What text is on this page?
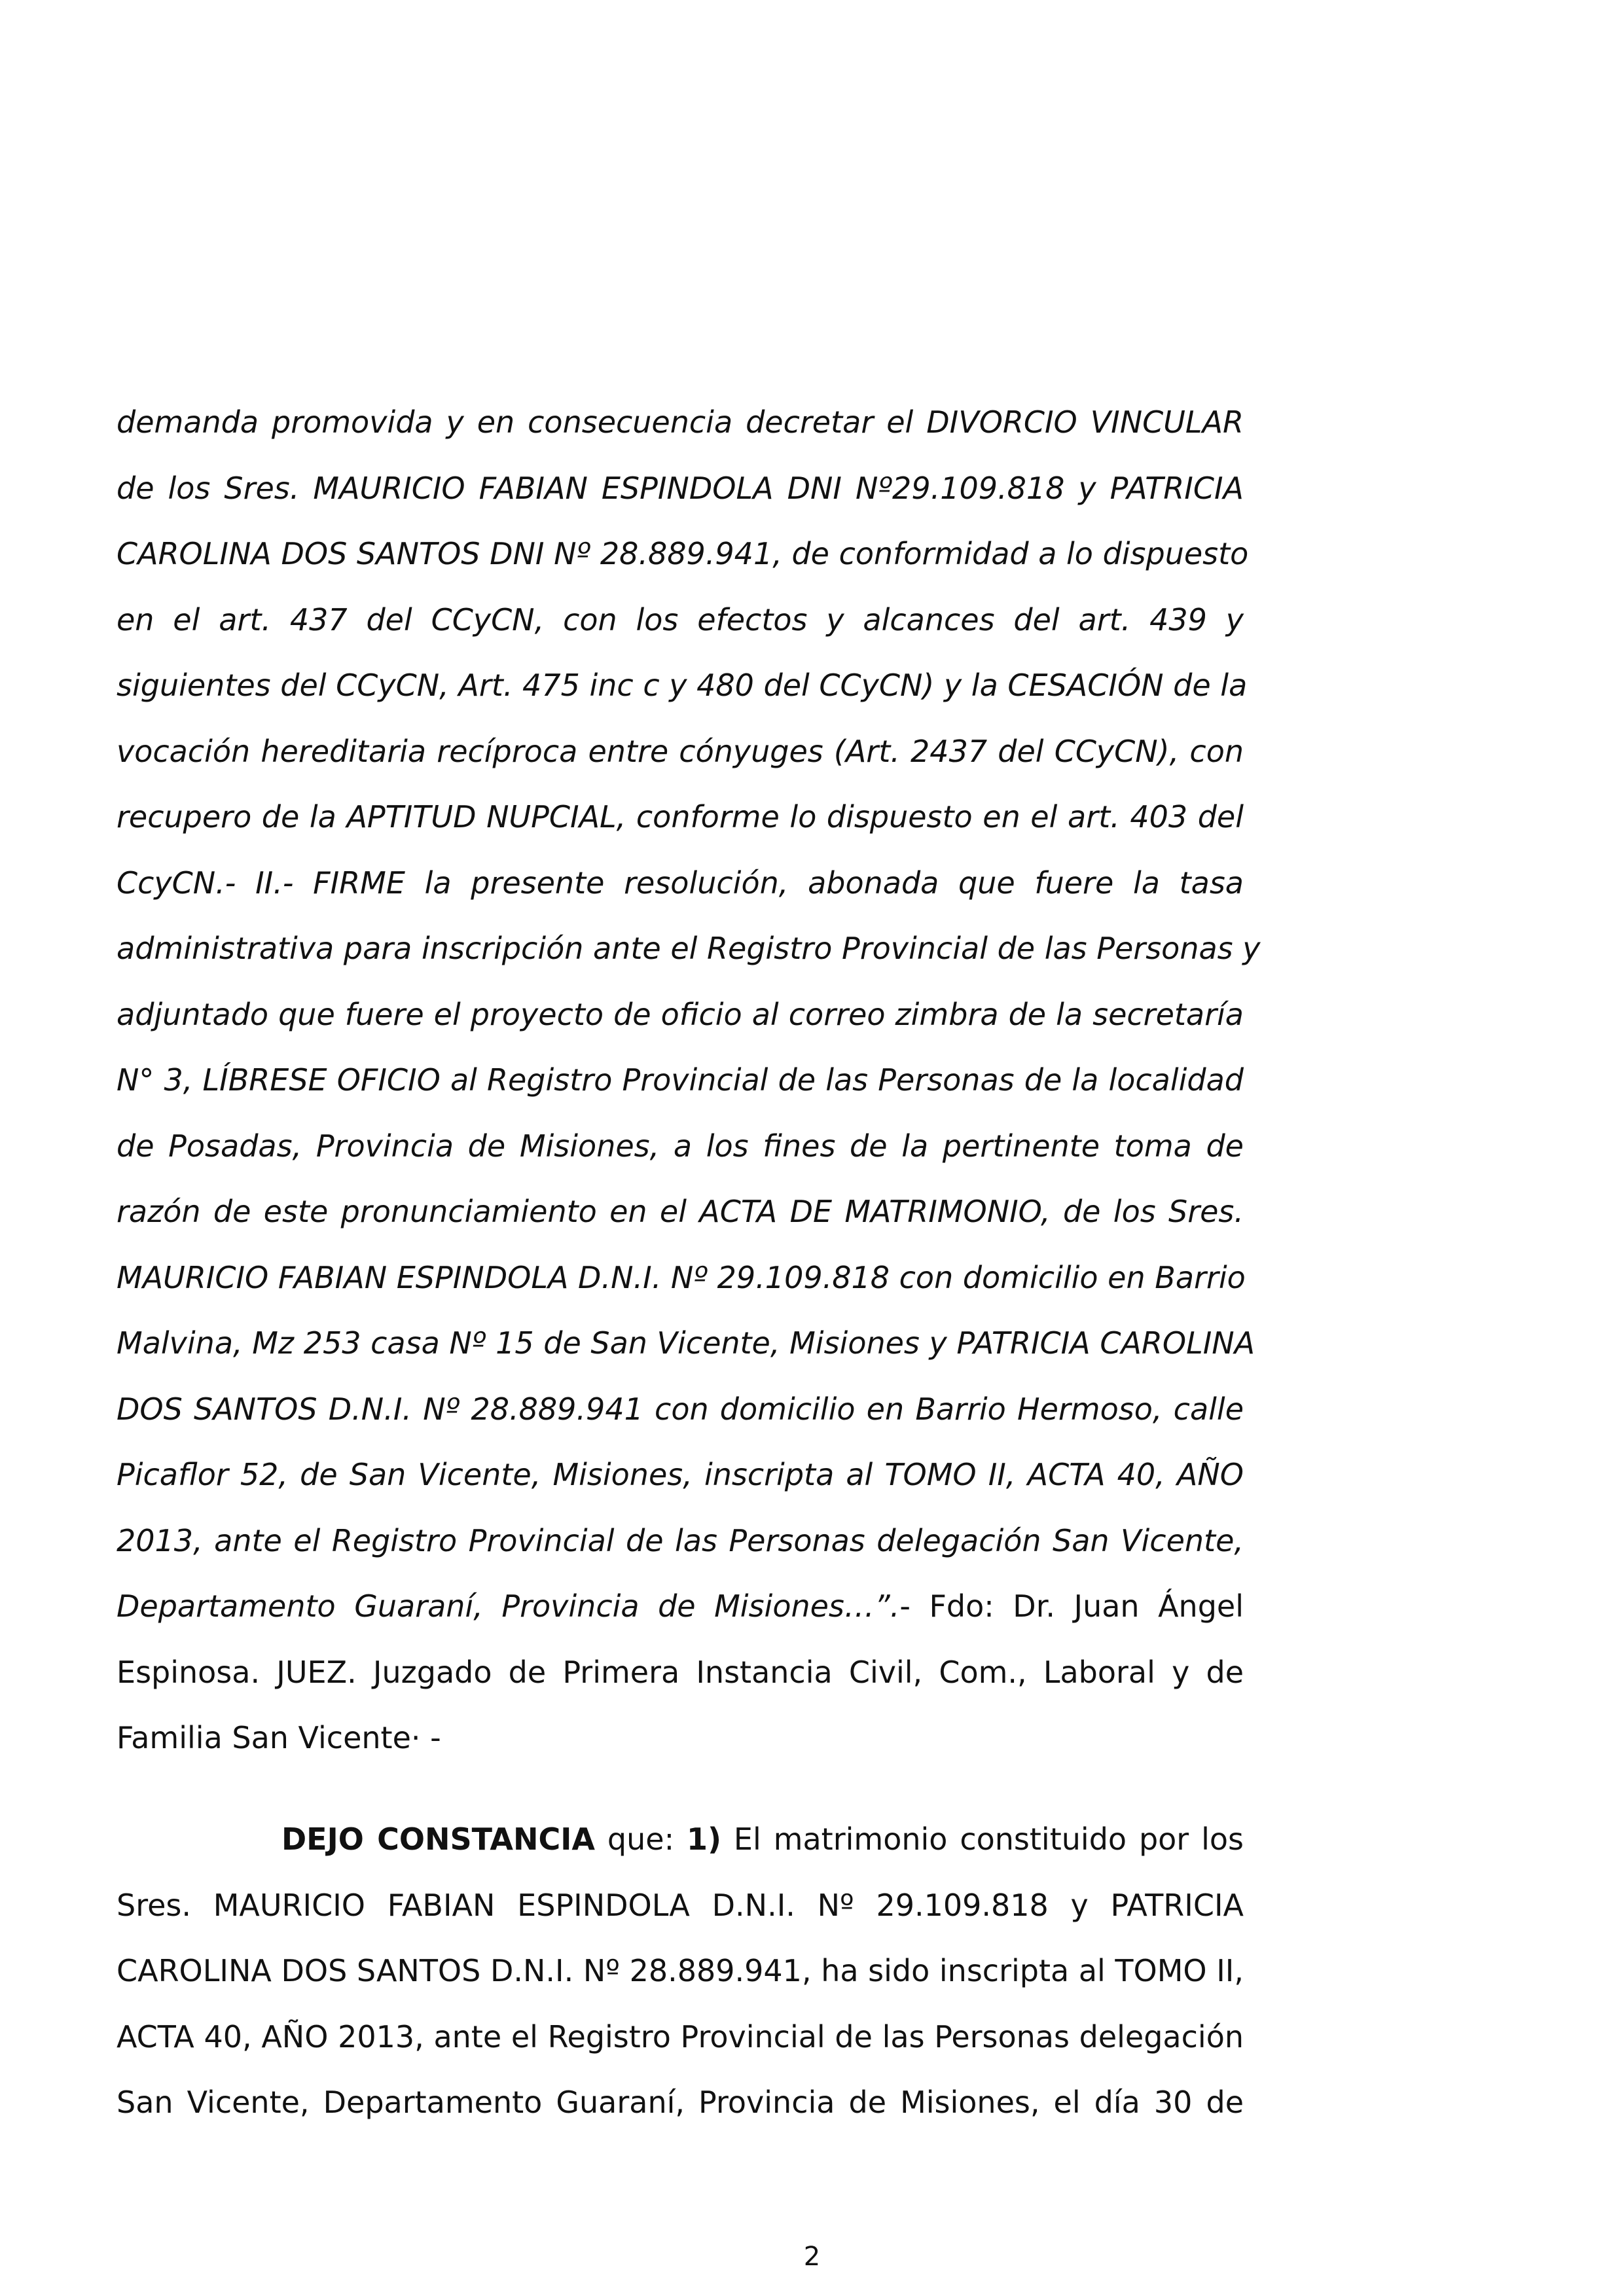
demanda promovida y en consecuencia decretar el DIVORCIO VINCULAR
de los Sres. MAURICIO FABIAN ESPINDOLA DNI Nº29.109.818 y PATRICIA
CAROLINA DOS SANTOS DNI Nº 28.889.941, de conformidad a lo dispuesto
en el art. 437 del CCyCN, con los efectos y alcances del art. 439 y
siguientes del CCyCN, Art. 475 inc c y 480 del CCyCN) y la CESACIÓN de la
vocación hereditaria recíproca entre cónyuges (Art. 2437 del CCyCN), con
recupero de la APTITUD NUPCIAL, conforme lo dispuesto en el art. 403 del
CcyCN.- II.- FIRME la presente resolución, abonada que fuere la tasa
administrativa para inscripción ante el Registro Provincial de las Personas y
adjuntado que fuere el proyecto de oficio al correo zimbra de la secretaría
N° 3, LÍBRESE OFICIO al Registro Provincial de las Personas de la localidad
de Posadas, Provincia de Misiones, a los fines de la pertinente toma de
razón de este pronunciamiento en el ACTA DE MATRIMONIO, de los Sres.
MAURICIO FABIAN ESPINDOLA D.N.I. Nº 29.109.818 con domicilio en Barrio
Malvina, Mz 253 casa Nº 15 de San Vicente, Misiones y PATRICIA CAROLINA
DOS SANTOS D.N.I. Nº 28.889.941 con domicilio en Barrio Hermoso, calle
Picaflor 52, de San Vicente, Misiones, inscripta al TOMO II, ACTA 40, AÑO
2013, ante el Registro Provincial de las Personas delegación San Vicente,
Departamento Guaraní, Provincia de Misiones…”.- Fdo: Dr. Juan Ángel
Espinosa. JUEZ. Juzgado de Primera Instancia Civil, Com., Laboral y de
Familia San Vicente· -
DEJO CONSTANCIA que: 1) El matrimonio constituido por los
Sres. MAURICIO FABIAN ESPINDOLA D.N.I. Nº 29.109.818 y PATRICIA
CAROLINA DOS SANTOS D.N.I. Nº 28.889.941, ha sido inscripta al TOMO II,
ACTA 40, AÑO 2013, ante el Registro Provincial de las Personas delegación
San Vicente, Departamento Guaraní, Provincia de Misiones, el día 30 de
2
